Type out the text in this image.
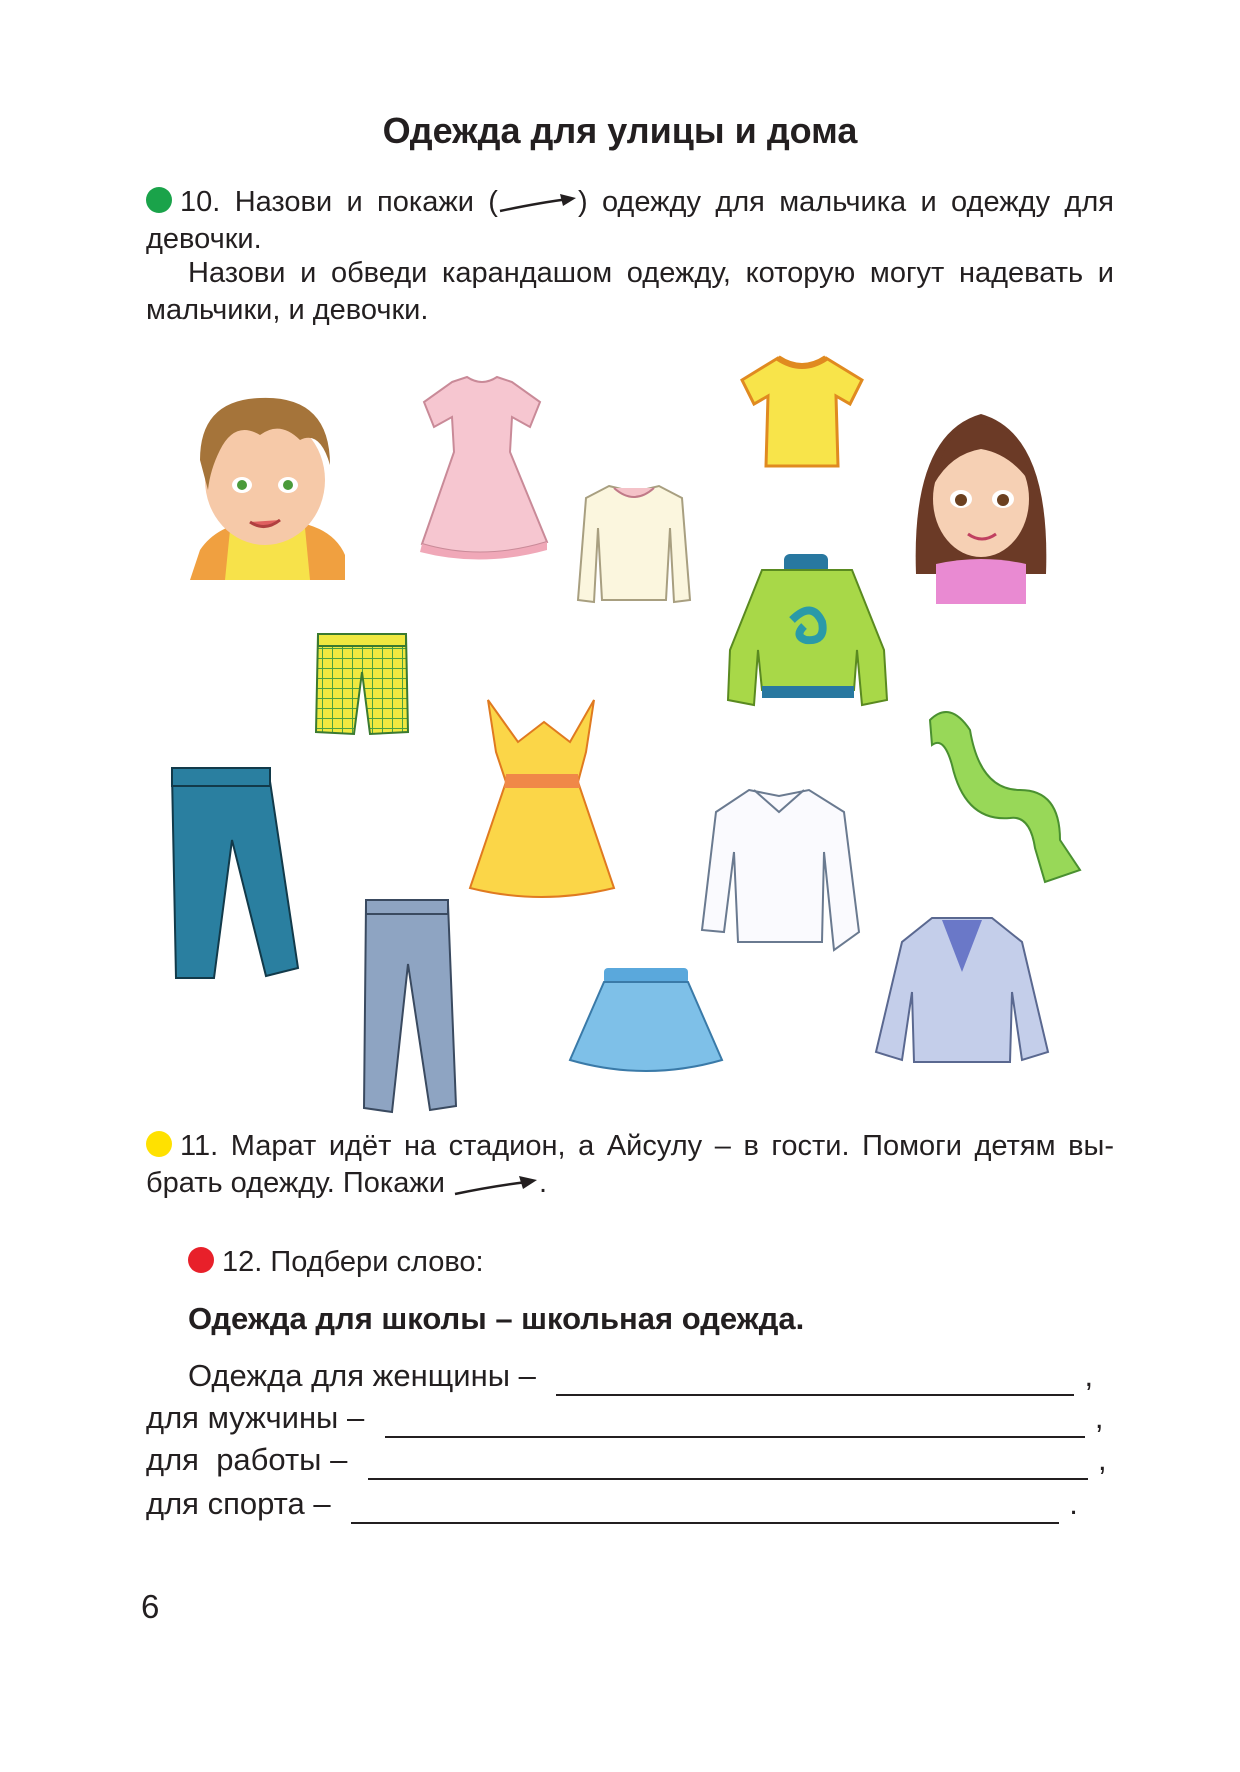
Одежда для улицы и дома
10. Назови и покажи (	) одежду для мальчика и одежду для
девочки.
Назови и обведи карандашом одежду, которую могут надевать и мальчики, и девочки.
11. Марат идёт на стадион, а Айсулу – в гости. Помоги детям вы-
брать одежду. Покажи	.
12. Подбери слово:
Одежда для школы – школьная одежда.
Одежда для женщины –	,
для мужчины –	,
для  работы –	,
для спорта –	.
6
